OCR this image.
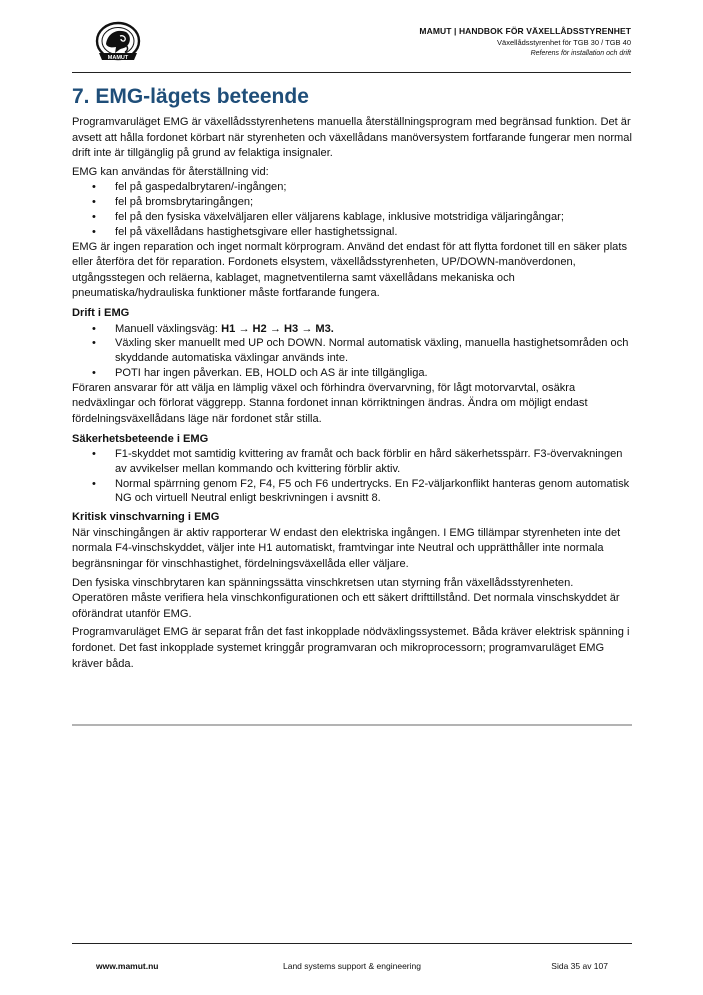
MAMUT
MAMUT | HANDBOK FÖR VÄXELLÅDSSTYRENHET
Växellådsstyrenhet för TGB 30 / TGB 40
Referens för installation och drift
7. EMG-lägets beteende

Programvaruläget EMG är växellådsstyrenhetens manuella återställningsprogram med begränsad funktion. Det är avsett att hålla fordonet körbart när styrenheten och växellådans manöversystem fortfarande fungerar men normal drift inte är tillgänglig på grund av felaktiga insignaler.

EMG kan användas för återställning vid:

• fel på gaspedalbrytaren/-ingången;
• fel på bromsbrytaringången;
• fel på den fysiska växelväljaren eller väljarens kablage, inklusive motstridiga väljaringångar;
• fel på växellådans hastighetsgivare eller hastighetssignal.

EMG är ingen reparation och inget normalt körprogram. Använd det endast för att flytta fordonet till en säker plats eller återföra det för reparation. Fordonets elsystem, växellådsstyrenheten, UP/DOWN-manöverdonen, utgångsstegen och reläerna, kablaget, magnetventilerna samt växellådans mekaniska och pneumatiska/hydrauliska funktioner måste fortfarande fungera.

Drift i EMG
• Manuell växlingsväg: H1 → H2 → H3 → M3.
• Växling sker manuellt med UP och DOWN. Normal automatisk växling, manuella hastighetsområden och skyddande automatiska växlingar används inte.
• POTI har ingen påverkan. EB, HOLD och AS är inte tillgängliga.

Föraren ansvarar för att välja en lämplig växel och förhindra övervarvning, för lågt motorvarvtal, osäkra nedväxlingar och förlorat väggrepp. Stanna fordonet innan körriktningen ändras. Ändra om möjligt endast fördelningsväxellådans läge när fordonet står stilla.

Säkerhetsbeteende i EMG
• F1-skyddet mot samtidig kvittering av framåt och back förblir en hård säkerhetsspärr. F3-övervakningen av avvikelser mellan kommando och kvittering förblir aktiv.
• Normal spärrning genom F2, F4, F5 och F6 undertrycks. En F2-väljarkonflikt hanteras genom automatisk NG och virtuell Neutral enligt beskrivningen i avsnitt 8.
Kritisk vinschvarning i EMG

När vinschingången är aktiv rapporterar W endast den elektriska ingången. I EMG tillämpar styrenheten inte det normala F4-vinschskyddet, väljer inte H1 automatiskt, framtvingar inte Neutral och upprätthåller inte normala begränsningar för vinschhastighet, fördelningsväxellåda eller väljare.

Den fysiska vinschbrytaren kan spänningssätta vinschkretsen utan styrning från växellådsstyrenheten. Operatören måste verifiera hela vinschkonfigurationen och ett säkert drifttillstånd. Det normala vinschskyddet är oförändrat utanför EMG.

Programvaruläget EMG är separat från det fast inkopplade nödväxlingssystemet. Båda kräver elektrisk spänning i fordonet. Det fast inkopplade systemet kringgår programvaran och mikroprocessorn; programvaruläget EMG kräver båda.

www.mamut.nu	Land systems support & engineering	Sida 35 av 107
